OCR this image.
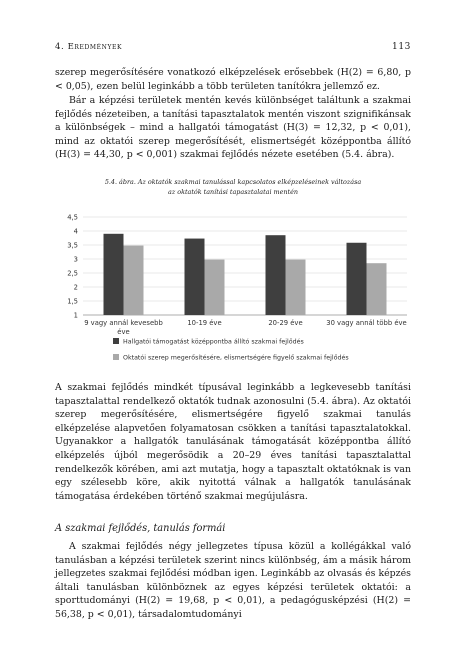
4. Eredmények	113

szerep megerősítésére vonatkozó elképzelések erősebbek (H(2) = 6,80, p < 0,05), ezen belül leginkább a több területen tanítókra jellemző ez.

Bár a képzési területek mentén kevés különbséget találtunk a szakmai fejlődés nézeteiben, a tanítási tapasztalatok mentén viszont szignifikánsak a különbségek – mind a hallgatói támogatást (H(3) = 12,32, p < 0,01), mind az oktatói szerep megerősítését, elismertségét középpontba állító (H(3) = 44,30, p < 0,001) szakmai fejlődés nézete esetében (5.4. ábra).

5.4. ábra. Az oktatók szakmai tanulással kapcsolatos elképzeléseinek változása
az oktatók tanítási tapasztalatai mentén
1
1,5
2
2,5
3
3,5
4
4,5
9 vagy annál kevesebb
éve
10-19 éve	20-29 éve	30 vagy annál több éve
Hallgatói támogatást középpontba állító szakmai fejlődés
Oktatói szerep megerősítésére, elismertségére figyelő szakmai fejlődés

A szakmai fejlődés mindkét típusával leginkább a legkevesebb tanítási tapasztalattal rendelkező oktatók tudnak azonosulni (5.4. ábra). Az oktatói szerep megerősítésére, elismertségére figyelő szakmai tanulás elképzelése alapvetően folyamatosan csökken a tanítási tapasztalatokkal. Ugyanakkor a hallgatók tanulásának támogatását középpontba állító elképzelés újból megerősödik a 20–29 éves tanítási tapasztalattal rendelkezők körében, ami azt mutatja, hogy a tapasztalt oktatóknak is van egy szélesebb köre, akik nyitottá válnak a hallgatók tanulásának támogatása érdekében történő szakmai megújulásra.

A szakmai fejlődés, tanulás formái

A szakmai fejlődés négy jellegzetes típusa közül a kollégákkal való tanulásban a képzési területek szerint nincs különbség, ám a másik három jellegzetes szakmai fejlődési módban igen. Leginkább az olvasás és képzés általi tanulásban különböznek az egyes képzési területek oktatói: a sporttudományi (H(2) = 19,68, p < 0,01), a pedagógusképzési (H(2) = 56,38, p < 0,01), társadalomtudományi
